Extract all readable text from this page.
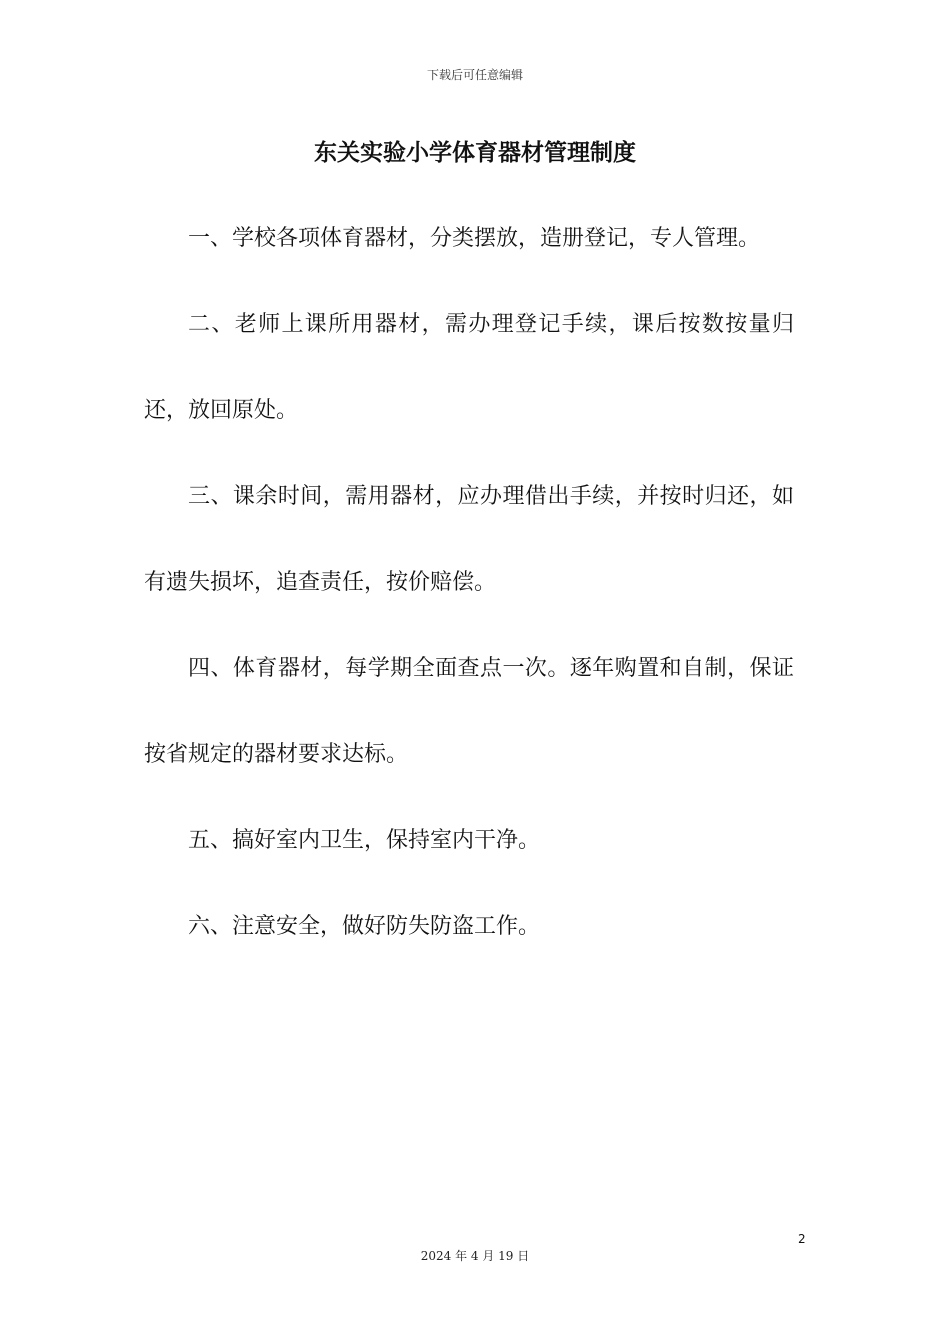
下载后可任意编辑
东关实验小学体育器材管理制度

一、学校各项体育器材，分类摆放，造册登记，专人管理。

二、老师上课所用器材，需办理登记手续，课后按数按量归还，放回原处。

三、课余时间，需用器材，应办理借出手续，并按时归还，如有遗失损坏，追查责任，按价赔偿。

四、体育器材，每学期全面查点一次。逐年购置和自制，保证按省规定的器材要求达标。

五、搞好室内卫生，保持室内干净。

六、注意安全，做好防失防盗工作。

2
2024 年 4 月 19 日
